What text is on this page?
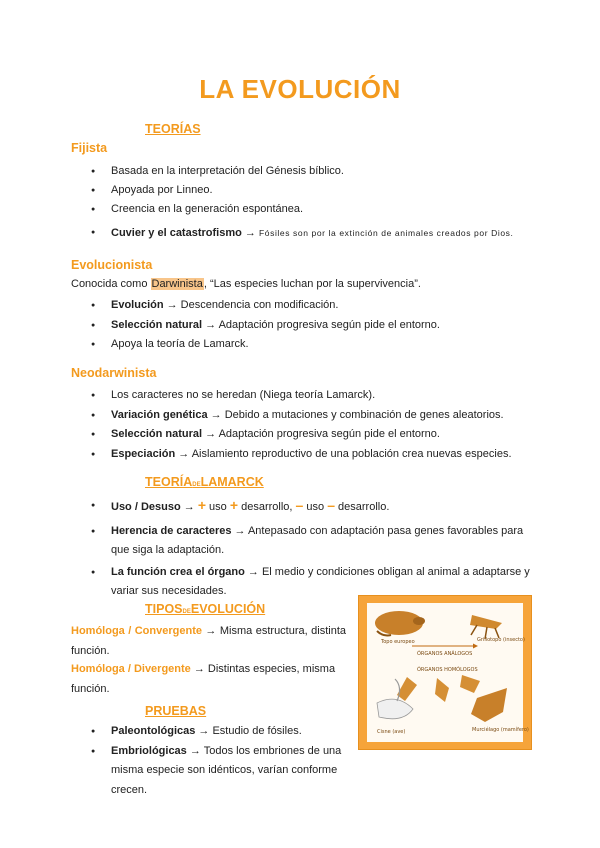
LA EVOLUCIÓN
TEORÍAS
Fijista
● Basada en la interpretación del Génesis bíblico.
● Apoyada por Linneo.
● Creencia en la generación espontánea.
● Cuvier y el catastrofismo → Fósiles son por la extinción de animales creados por Dios.
Evolucionista
Conocida como Darwinista, “Las especies luchan por la supervivencia”.
● Evolución → Descendencia con modificación.
● Selección natural → Adaptación progresiva según pide el entorno.
● Apoya la teoría de Lamarck.
Neodarwinista
● Los caracteres no se heredan (Niega teoría Lamarck).
● Variación genética → Debido a mutaciones y combinación de genes aleatorios.
● Selección natural → Adaptación progresiva según pide el entorno.
● Especiación → Aislamiento reproductivo de una población crea nuevas especies.
TEORÍADELAMARCK
● Uso / Desuso → + uso + desarrollo, – uso – desarrollo.
● Herencia de caracteres → Antepasado con adaptación pasa genes favorables para que siga la adaptación.
● La función crea el órgano → El medio y condiciones obligan al animal a adaptarse y variar sus necesidades.
TIPOSDEEVOLUCIÓN
Homóloga / Convergente → Misma estructura, distinta función.
Homóloga / Divergente → Distintas especies, misma función.
PRUEBAS
● Paleontológicas → Estudio de fósiles.
● Embriológicas → Todos los embriones de una misma especie son idénticos, varían conforme crecen.
Topo europeo	Grillotopo (insecto)
ÓRGANOS ANÁLOGOS
ÓRGANOS HOMÓLOGOS
Cisne (ave)	Murciélago (mamífero)
